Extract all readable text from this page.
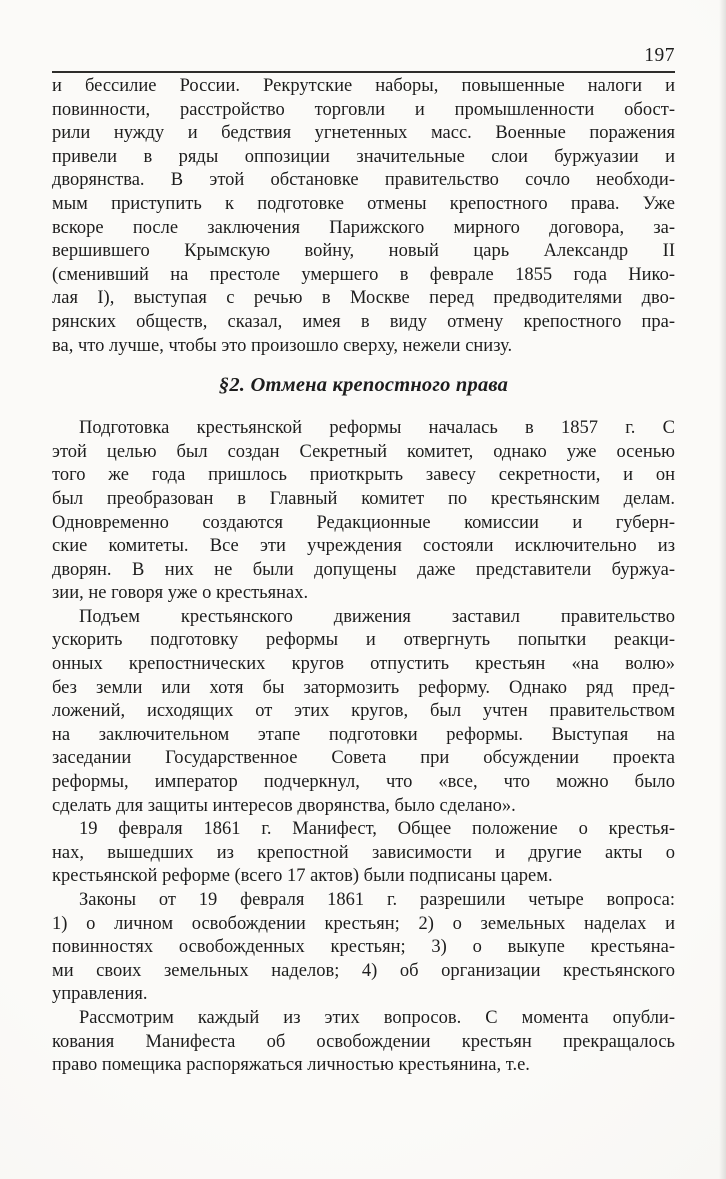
197
и бессилие России. Рекрутские наборы, повышенные налоги и
повинности, расстройство торговли и промышленности обост-
рили нужду и бедствия угнетенных масс. Военные поражения
привели в ряды оппозиции значительные слои буржуазии и
дворянства. В этой обстановке правительство сочло необходи-
мым приступить к подготовке отмены крепостного права. Уже
вскоре после заключения Парижского мирного договора, за-
вершившего Крымскую войну, новый царь Александр II
(сменивший на престоле умершего в феврале 1855 года Нико-
лая I), выступая с речью в Москве перед предводителями дво-
рянских обществ, сказал, имея в виду отмену крепостного пра-
ва, что лучше, чтобы это произошло сверху, нежели снизу.
§2. Отмена крепостного права
Подготовка крестьянской реформы началась в 1857 г. С
этой целью был создан Секретный комитет, однако уже осенью
того же года пришлось приоткрыть завесу секретности, и он
был преобразован в Главный комитет по крестьянским делам.
Одновременно создаются Редакционные комиссии и губерн-
ские комитеты. Все эти учреждения состояли исключительно из
дворян. В них не были допущены даже представители буржуа-
зии, не говоря уже о крестьянах.
Подъем крестьянского движения заставил правительство
ускорить подготовку реформы и отвергнуть попытки реакци-
онных крепостнических кругов отпустить крестьян «на волю»
без земли или хотя бы затормозить реформу. Однако ряд пред-
ложений, исходящих от этих кругов, был учтен правительством
на заключительном этапе подготовки реформы. Выступая на
заседании Государственное Совета при обсуждении проекта
реформы, император подчеркнул, что «все, что можно было
сделать для защиты интересов дворянства, было сделано».
19 февраля 1861 г. Манифест, Общее положение о крестья-
нах, вышедших из крепостной зависимости и другие акты о
крестьянской реформе (всего 17 актов) были подписаны царем.
Законы от 19 февраля 1861 г. разрешили четыре вопроса:
1) о личном освобождении крестьян; 2) о земельных наделах и
повинностях освобожденных крестьян; 3) о выкупе крестьяна-
ми своих земельных наделов; 4) об организации крестьянского
управления.
Рассмотрим каждый из этих вопросов. С момента опубли-
кования Манифеста об освобождении крестьян прекращалось
право помещика распоряжаться личностью крестьянина, т.е.
